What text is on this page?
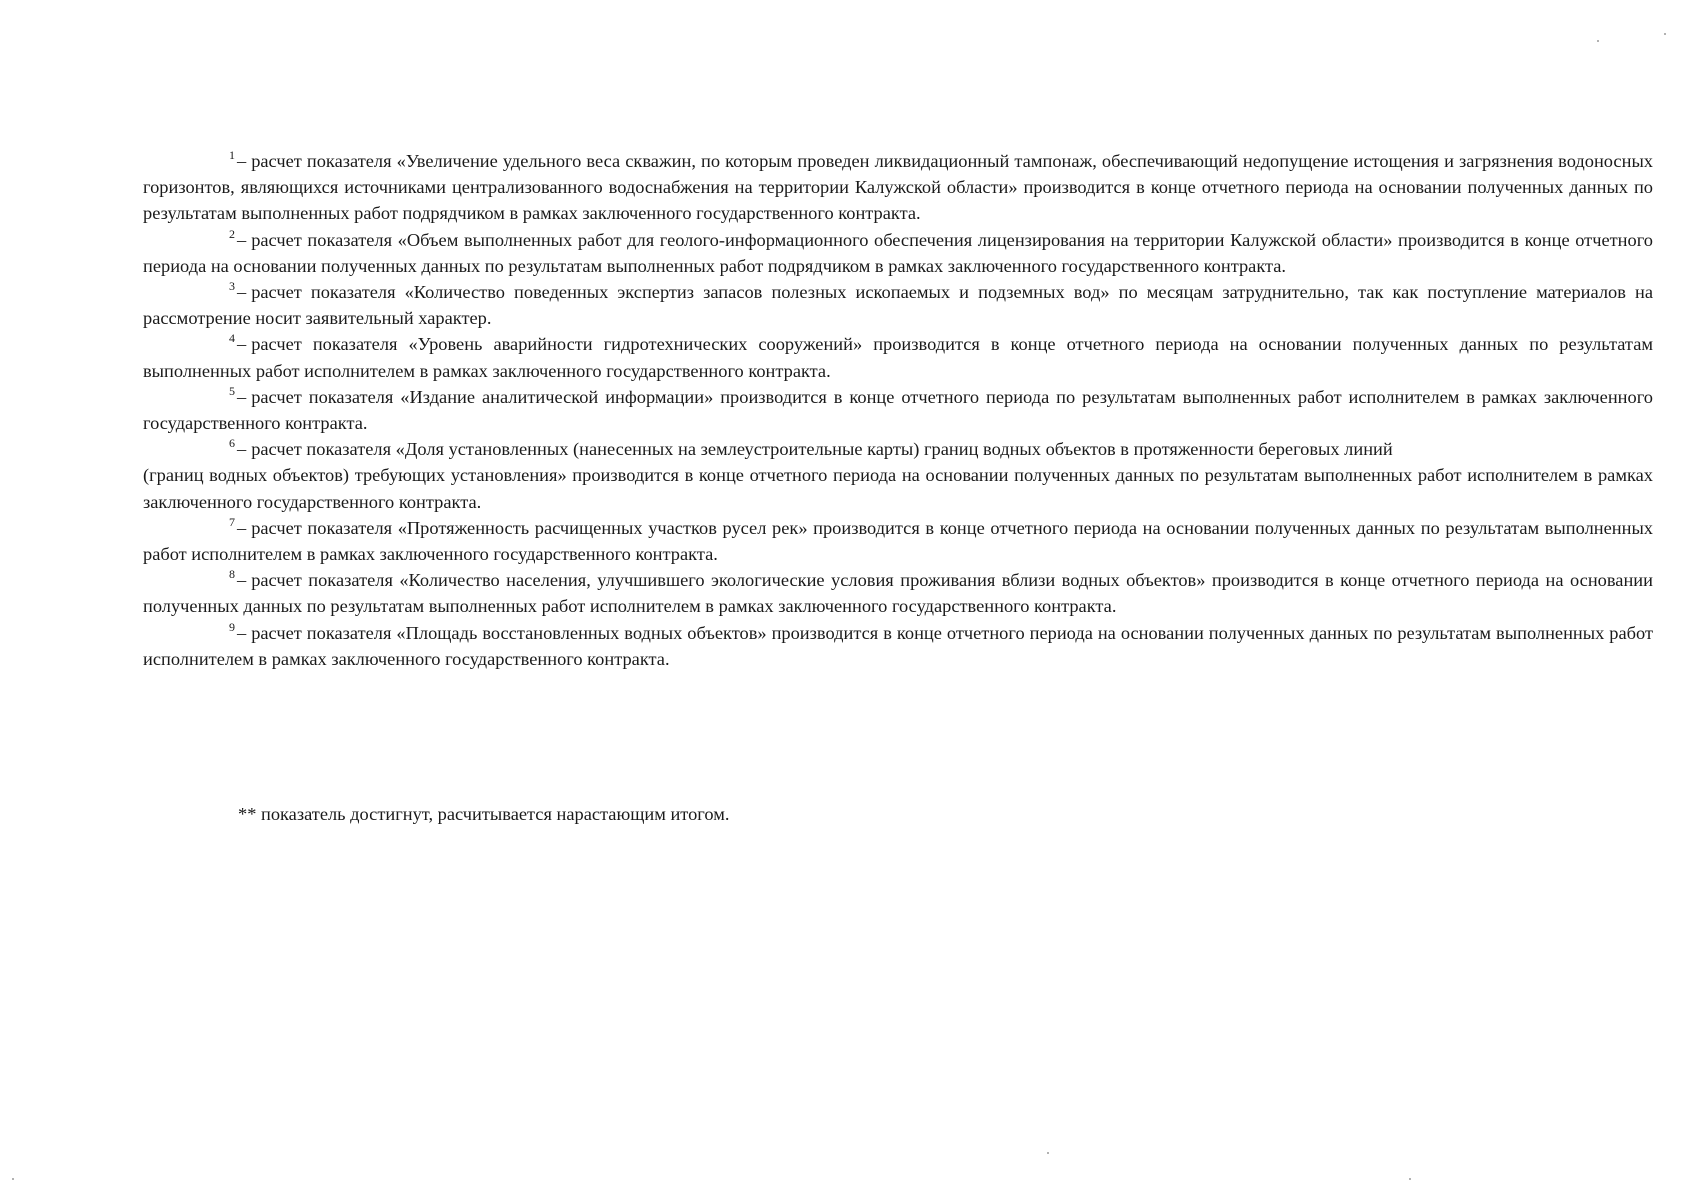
$^1$ – расчет показателя «Увеличение удельного веса скважин, по которым проведен ликвидационный тампонаж, обеспечивающий недопущение истощения и загрязнения водоносных горизонтов, являющихся источниками централизованного водоснабжения на территории Калужской области» производится в конце отчетного периода на основании полученных данных по результатам выполненных работ подрядчиком в рамках заключенного государственного контракта.

$^2$ – расчет показателя «Объем выполненных работ для геолого-информационного обеспечения лицензирования на территории Калужской области» производится в конце отчетного периода на основании полученных данных по результатам выполненных работ подрядчиком в рамках заключенного государственного контракта.

$^3$ – расчет показателя «Количество поведенных экспертиз запасов полезных ископаемых и подземных вод» по месяцам затруднительно, так как поступление материалов на рассмотрение носит заявительный характер.

$^4$ – расчет показателя «Уровень аварийности гидротехнических сооружений» производится в конце отчетного периода на основании полученных данных по результатам выполненных работ исполнителем в рамках заключенного государственного контракта.

$^5$ – расчет показателя «Издание аналитической информации» производится в конце отчетного периода по результатам выполненных работ исполнителем в рамках заключенного государственного контракта.

$^6$ – расчет показателя «Доля установленных (нанесенных на землеустроительные карты) границ водных объектов в протяженности береговых линий

(границ водных объектов) требующих установления» производится в конце отчетного периода на основании полученных данных по результатам выполненных работ исполнителем в рамках заключенного государственного контракта.

$^7$ – расчет показателя «Протяженность расчищенных участков русел рек» производится в конце отчетного периода на основании полученных данных по результатам выполненных работ исполнителем в рамках заключенного государственного контракта.

$^8$ – расчет показателя «Количество населения, улучшившего экологические условия проживания вблизи водных объектов» производится в конце отчетного периода на основании полученных данных по результатам выполненных работ исполнителем в рамках заключенного государственного контракта.

$^9$ – расчет показателя «Площадь восстановленных водных объектов» производится в конце отчетного периода на основании полученных данных по результатам выполненных работ исполнителем в рамках заключенного государственного контракта.

** показатель достигнут, расчитывается нарастающим итогом.
